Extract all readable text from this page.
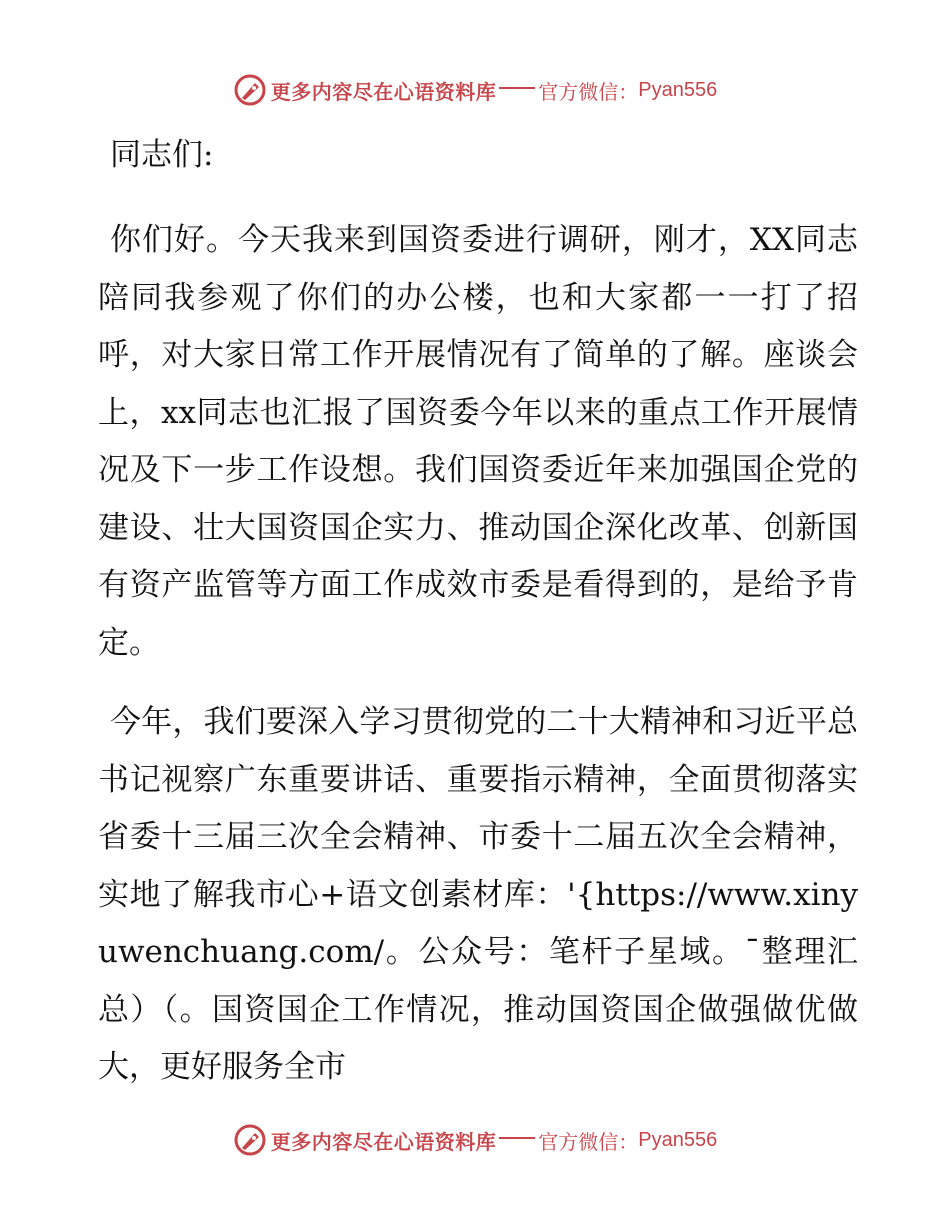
更多内容尽在心语资料库 官方微信： Pyan556
同志们:

你们好。今天我来到国资委进行调研，刚才，XX同志陪同我参观了你们的办公楼，也和大家都一一打了招呼，对大家日常工作开展情况有了简单的了解。座谈会上，xx同志也汇报了国资委今年以来的重点工作开展情况及下一步工作设想。我们国资委近年来加强国企党的建设、壮大国资国企实力、推动国企深化改革、创新国有资产监管等方面工作成效市委是看得到的，是给予肯定。

今年，我们要深入学习贯彻党的二十大精神和习近平总书记视察广东重要讲话、重要指示精神，全面贯彻落实省委十三届三次全会精神、市委十二届五次全会精神，实地了解我市心+语文创素材库：'{https://www.xinyuwenchuang.com/。公众号：笔杆子星域。¯整理汇总）（。国资国企工作情况，推动国资国企做强做优做大，更好服务全市

更多内容尽在心语资料库 官方微信： Pyan556
